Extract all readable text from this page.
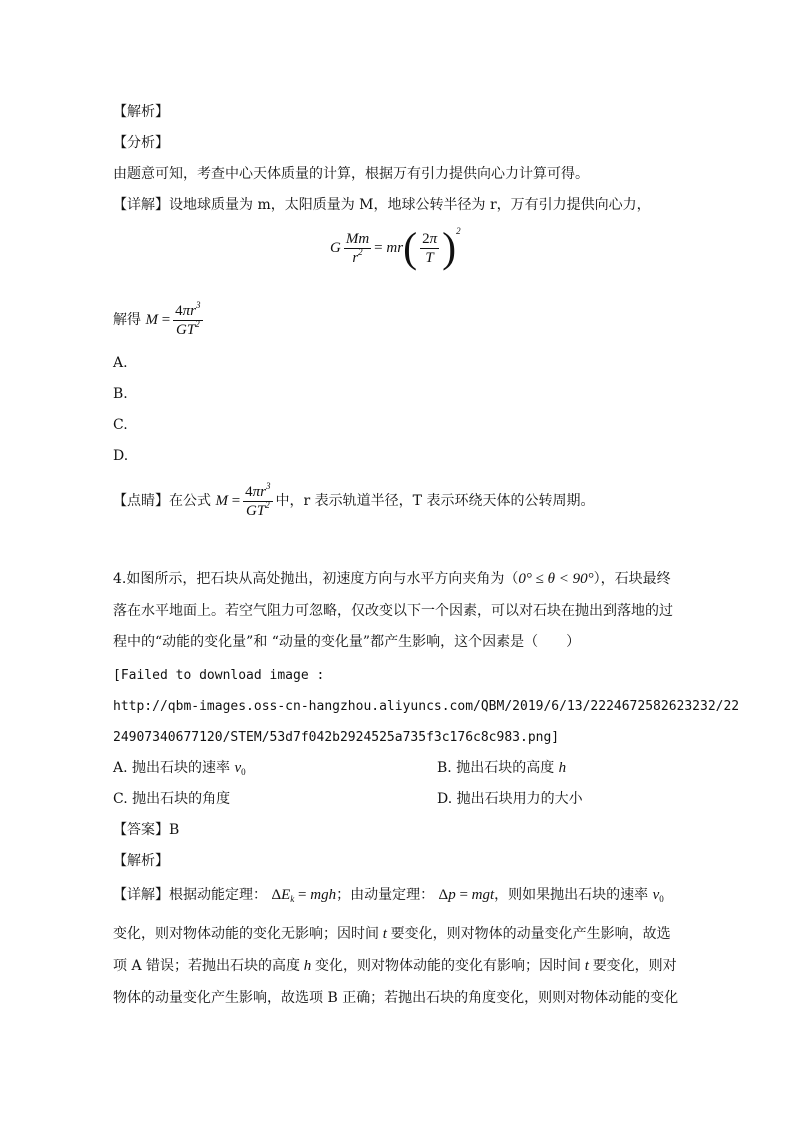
【解析】
【分析】
由题意可知，考查中心天体质量的计算，根据万有引力提供向心力计算可得。
【详解】设地球质量为 m，太阳质量为 M，地球公转半径为 r，万有引力提供向心力，
G $\frac{Mm}{r^2} = mr( \frac{2\pi}{T} )^2$
解得 $M = \frac{4\pi r^3}{GT^2}$
A.
B.
C.
D.
【点睛】在公式 $M = \frac{4\pi r^3}{GT^2}$ 中，r 表示轨道半径，T 表示环绕天体的公转周期。
4.如图所示，把石块从高处抛出，初速度方向与水平方向夹角为（0° ≤ θ < 90°），石块最终
落在水平地面上。若空气阻力可忽略，仅改变以下一个因素，可以对石块在抛出到落地的过
程中的“动能的变化量”和 “动量的变化量”都产生影响，这个因素是（　　）
[Failed to download image :
http://qbm-images.oss-cn-hangzhou.aliyuncs.com/QBM/2019/6/13/2224672582623232/22
24907340677120/STEM/53d7f042b2924525a735f3c176c8c983.png]
A. 抛出石块的速率 $v_0$	B. 抛出石块的高度 h
C. 抛出石块的角度	D. 抛出石块用力的大小
【答案】B
【解析】
【详解】根据动能定理： $\Delta E_k$ = mgh；由动量定理： Δp = mgt，则如果抛出石块的速率 $v_0$
变化，则对物体动能的变化无影响；因时间 t 要变化，则对物体的动量变化产生影响，故选
项 A 错误；若抛出石块的高度 h 变化，则对物体动能的变化有影响；因时间 t 要变化，则对
物体的动量变化产生影响，故选项 B 正确；若抛出石块的角度变化，则则对物体动能的变化
